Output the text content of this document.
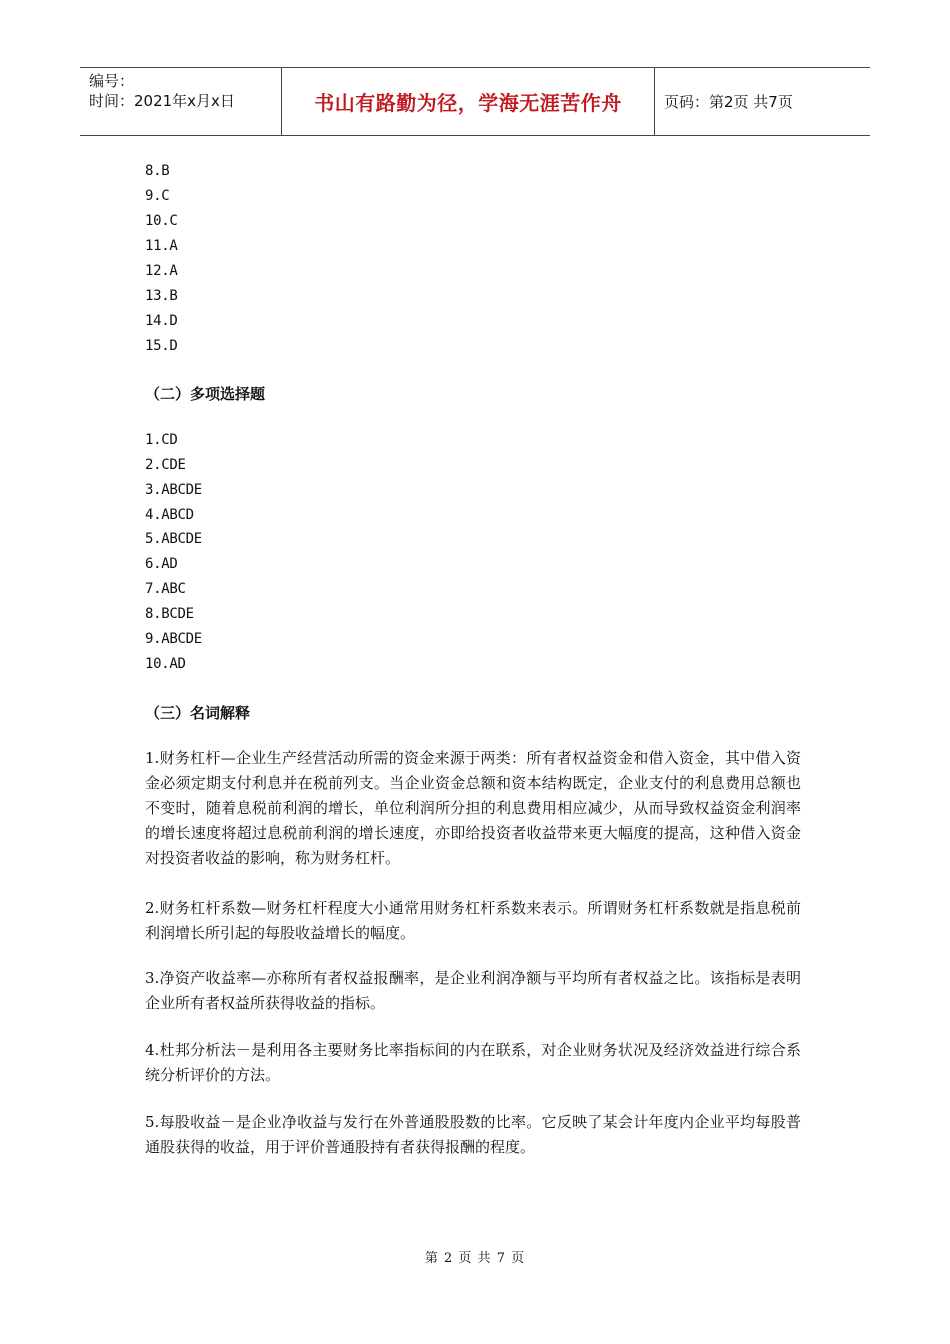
编号：
时间：2021年x月x日	书山有路勤为径，学海无涯苦作舟	页码：第2页 共7页
8.B
9.C
10.C
11.A
12.A
13.B
14.D
15.D
（二）多项选择题
1.CD
2.CDE
3.ABCDE
4.ABCD
5.ABCDE
6.AD
7.ABC
8.BCDE
9.ABCDE
10.AD
（三）名词解释
1.财务杠杆—企业生产经营活动所需的资金来源于两类：所有者权益资金和借入资金，其中借入资金必须定期支付利息并在税前列支。当企业资金总额和资本结构既定，企业支付的利息费用总额也不变时，随着息税前利润的增长，单位利润所分担的利息费用相应减少，从而导致权益资金利润率的增长速度将超过息税前利润的增长速度，亦即给投资者收益带来更大幅度的提高，这种借入资金对投资者收益的影响，称为财务杠杆。
2.财务杠杆系数—财务杠杆程度大小通常用财务杠杆系数来表示。所谓财务杠杆系数就是指息税前利润增长所引起的每股收益增长的幅度。
3.净资产收益率—亦称所有者权益报酬率，是企业利润净额与平均所有者权益之比。该指标是表明企业所有者权益所获得收益的指标。
4.杜邦分析法－是利用各主要财务比率指标间的内在联系，对企业财务状况及经济效益进行综合系统分析评价的方法。
5.每股收益－是企业净收益与发行在外普通股股数的比率。它反映了某会计年度内企业平均每股普通股获得的收益，用于评价普通股持有者获得报酬的程度。
第 2 页 共 7 页
